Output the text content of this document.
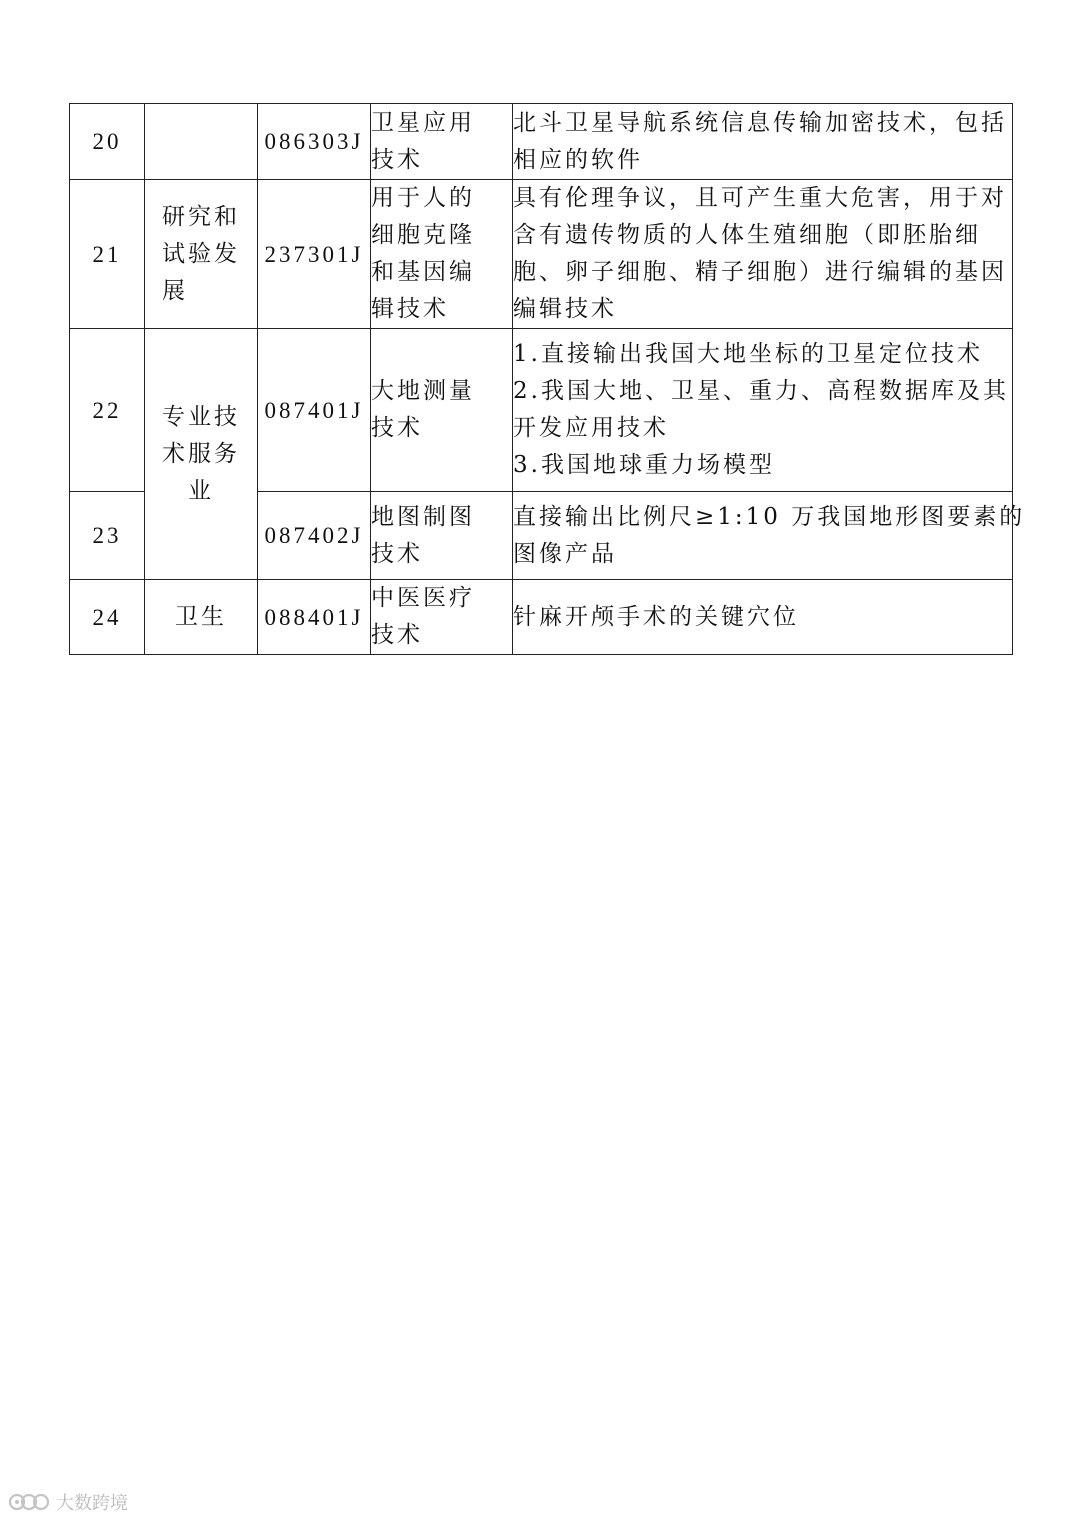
20		086303J	卫星应用
技术	北斗卫星导航系统信息传输加密技术，包括
相应的软件

21	研究和
试验发
展	237301J	用于人的
细胞克隆
和基因编
辑技术	具有伦理争议，且可产生重大危害，用于对
含有遗传物质的人体生殖细胞（即胚胎细
胞、卵子细胞、精子细胞）进行编辑的基因
编辑技术

22	专业技
术服务
业	087401J	大地测量
技术	1.直接输出我国大地坐标的卫星定位技术
2.我国大地、卫星、重力、高程数据库及其
开发应用技术
3.我国地球重力场模型

23		087402J	地图制图
技术	直接输出比例尺≥1:10 万我国地形图要素的
图像产品

24	卫生	088401J	中医医疗
技术	针麻开颅手术的关键穴位
大数跨境
